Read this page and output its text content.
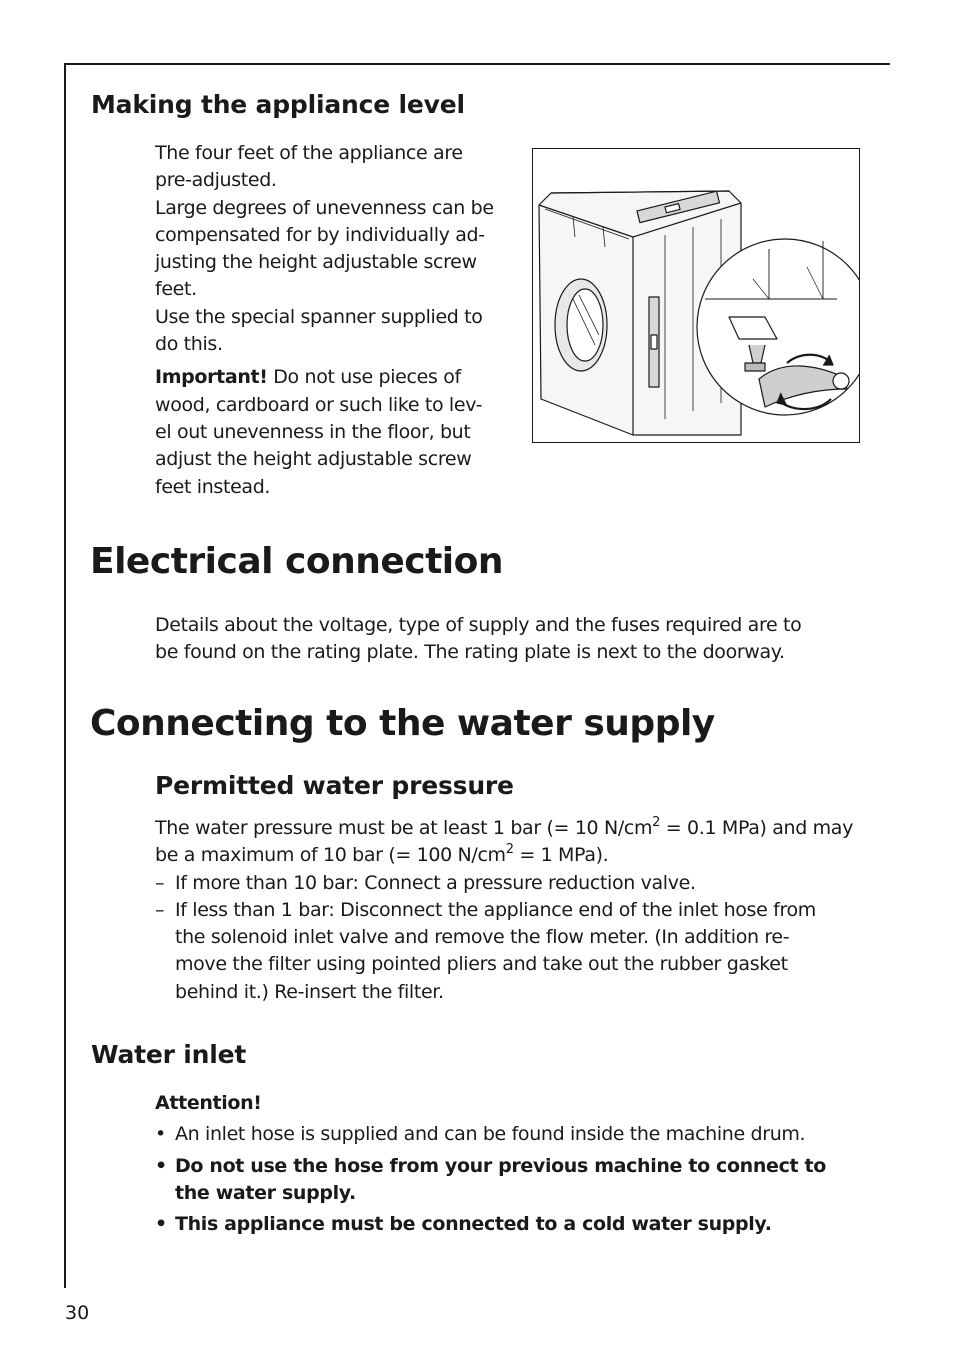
Making the appliance level

The four feet of the appliance are

pre-adjusted.

Large degrees of unevenness can be

compensated for by individually ad-

justing the height adjustable screw

feet.

Use the special spanner supplied to

do this.

Important! Do not use pieces of

wood, cardboard or such like to lev-

el out unevenness in the floor, but

adjust the height adjustable screw

feet instead.

Electrical connection

Details about the voltage, type of supply and the fuses required are to

be found on the rating plate. The rating plate is next to the doorway.

Connecting to the water supply
Permitted water pressure

The water pressure must be at least 1 bar (= 10 $N/cm^2 = 0.1$ MPa) and may

be a maximum of 10 bar (= 100 $N/cm^2 = 1$ MPa).

– If more than 10 bar: Connect a pressure reduction valve.
– If less than 1 bar: Disconnect the appliance end of the inlet hose from

the solenoid inlet valve and remove the flow meter. (In addition re-

move the filter using pointed pliers and take out the rubber gasket

behind it.) Re-insert the filter.

Water inlet

Attention!

• An inlet hose is supplied and can be found inside the machine drum.
• Do not use the hose from your previous machine to connect to

the water supply.

• This appliance must be connected to a cold water supply.
30
